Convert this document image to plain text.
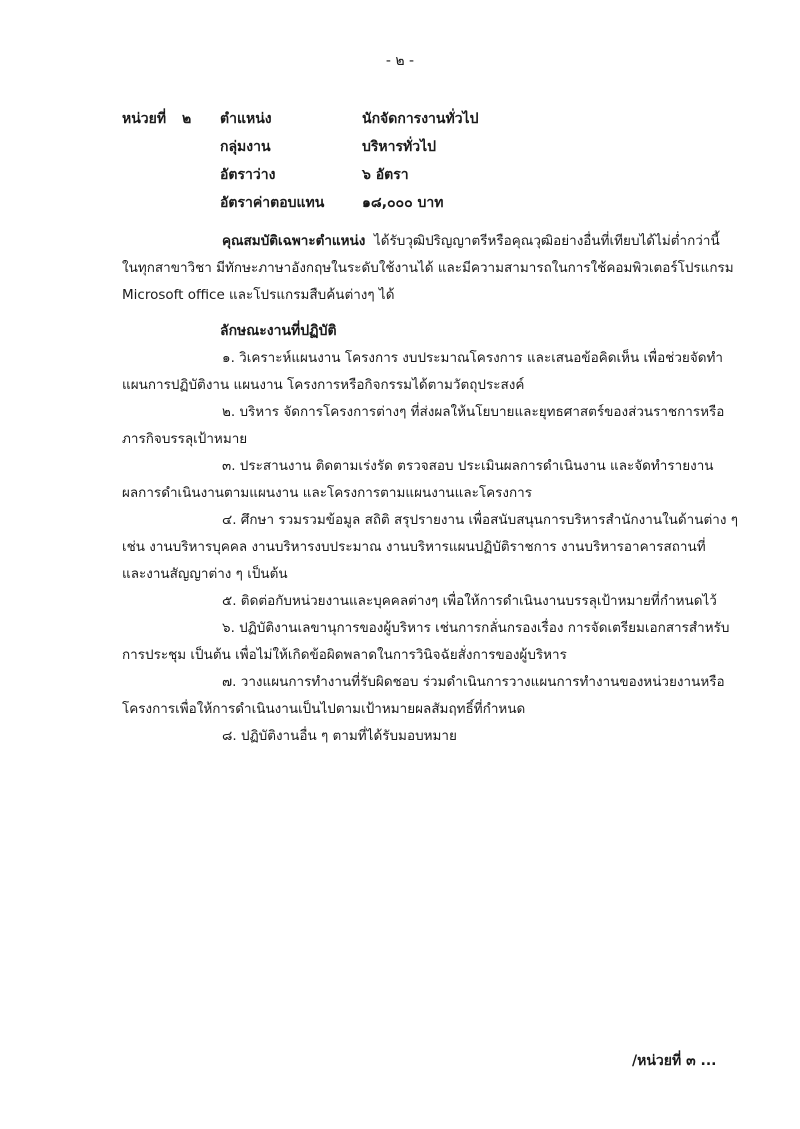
- ๒ -
หน่วยที่ ๒ ตำแหน่ง	นักจัดการงานทั่วไป
กลุ่มงาน	บริหารทั่วไป
อัตราว่าง	๖ อัตรา
อัตราค่าตอบแทน	๑๘,๐๐๐ บาท
คุณสมบัติเฉพาะตำแหน่ง ได้รับวุฒิปริญญาตรีหรือคุณวุฒิอย่างอื่นที่เทียบได้ไม่ต่ำกว่านี้
ในทุกสาขาวิชา มีทักษะภาษาอังกฤษในระดับใช้งานได้ และมีความสามารถในการใช้คอมพิวเตอร์โปรแกรม
Microsoft office และโปรแกรมสืบค้นต่างๆ ได้
ลักษณะงานที่ปฏิบัติ
๑. วิเคราะห์แผนงาน โครงการ งบประมาณโครงการ และเสนอข้อคิดเห็น เพื่อช่วยจัดทำ
แผนการปฏิบัติงาน แผนงาน โครงการหรือกิจกรรมได้ตามวัตถุประสงค์
๒. บริหาร จัดการโครงการต่างๆ ที่ส่งผลให้นโยบายและยุทธศาสตร์ของส่วนราชการหรือ
ภารกิจบรรลุเป้าหมาย
๓. ประสานงาน ติดตามเร่งรัด ตรวจสอบ ประเมินผลการดำเนินงาน และจัดทำรายงาน
ผลการดำเนินงานตามแผนงาน และโครงการตามแผนงานและโครงการ
๔. ศึกษา รวมรวมข้อมูล สถิติ สรุปรายงาน เพื่อสนับสนุนการบริหารสำนักงานในด้านต่าง ๆ
เช่น งานบริหารบุคคล งานบริหารงบประมาณ งานบริหารแผนปฏิบัติราชการ งานบริหารอาคารสถานที่
และงานสัญญาต่าง ๆ เป็นต้น
๕. ติดต่อกับหน่วยงานและบุคคลต่างๆ เพื่อให้การดำเนินงานบรรลุเป้าหมายที่กำหนดไว้
๖. ปฏิบัติงานเลขานุการของผู้บริหาร เช่นการกลั่นกรองเรื่อง การจัดเตรียมเอกสารสำหรับ
การประชุม เป็นต้น เพื่อไม่ให้เกิดข้อผิดพลาดในการวินิจฉัยสั่งการของผู้บริหาร
๗. วางแผนการทำงานที่รับผิดชอบ ร่วมดำเนินการวางแผนการทำงานของหน่วยงานหรือ
โครงการเพื่อให้การดำเนินงานเป็นไปตามเป้าหมายผลสัมฤทธิ์ที่กำหนด
๘. ปฏิบัติงานอื่น ๆ ตามที่ได้รับมอบหมาย
/หน่วยที่ ๓ ...
